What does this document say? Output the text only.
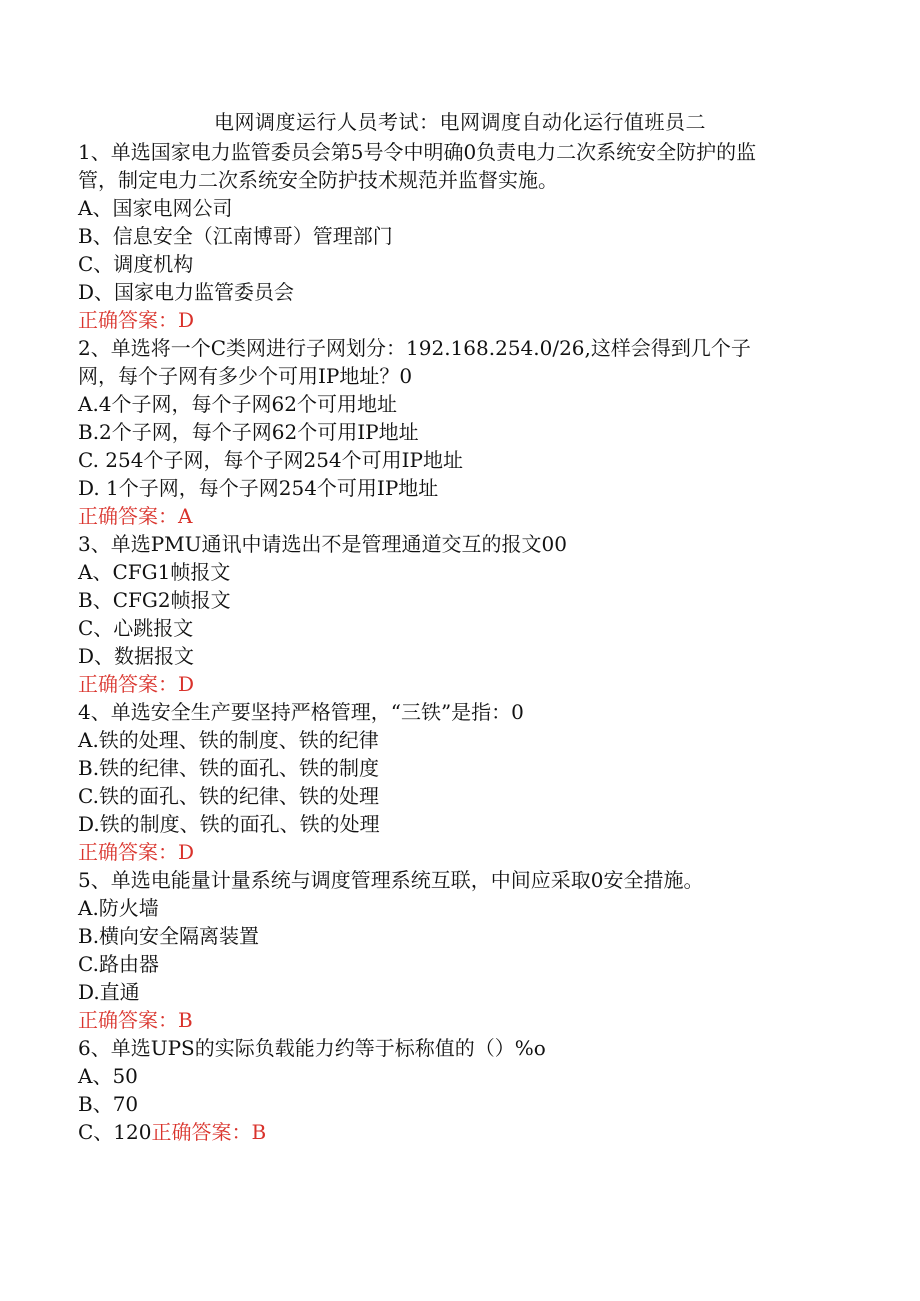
电网调度运行人员考试：电网调度自动化运行值班员二
1、单选国家电力监管委员会第5号令中明确0负责电力二次系统安全防护的监
管，制定电力二次系统安全防护技术规范并监督实施。
A、国家电网公司
B、信息安全（江南博哥）管理部门
C、调度机构
D、国家电力监管委员会
正确答案：D
2、单选将一个C类网进行子网划分：192.168.254.0/26,这样会得到几个子
网，每个子网有多少个可用IP地址？0
A.4个子网，每个子网62个可用地址
B.2个子网，每个子网62个可用IP地址
C. 254个子网，每个子网254个可用IP地址
D. 1个子网，每个子网254个可用IP地址
正确答案：A
3、单选PMU通讯中请选出不是管理通道交互的报文00
A、CFG1帧报文
B、CFG2帧报文
C、心跳报文
D、数据报文
正确答案：D
4、单选安全生产要坚持严格管理，“三铁”是指：0
A.铁的处理、铁的制度、铁的纪律
B.铁的纪律、铁的面孔、铁的制度
C.铁的面孔、铁的纪律、铁的处理
D.铁的制度、铁的面孔、铁的处理
正确答案：D
5、单选电能量计量系统与调度管理系统互联，中间应采取0安全措施。
A.防火墙
B.横向安全隔离装置
C.路由器
D.直通
正确答案：B
6、单选UPS的实际负载能力约等于标称值的（）%o
A、50
B、70
C、120正确答案：B
